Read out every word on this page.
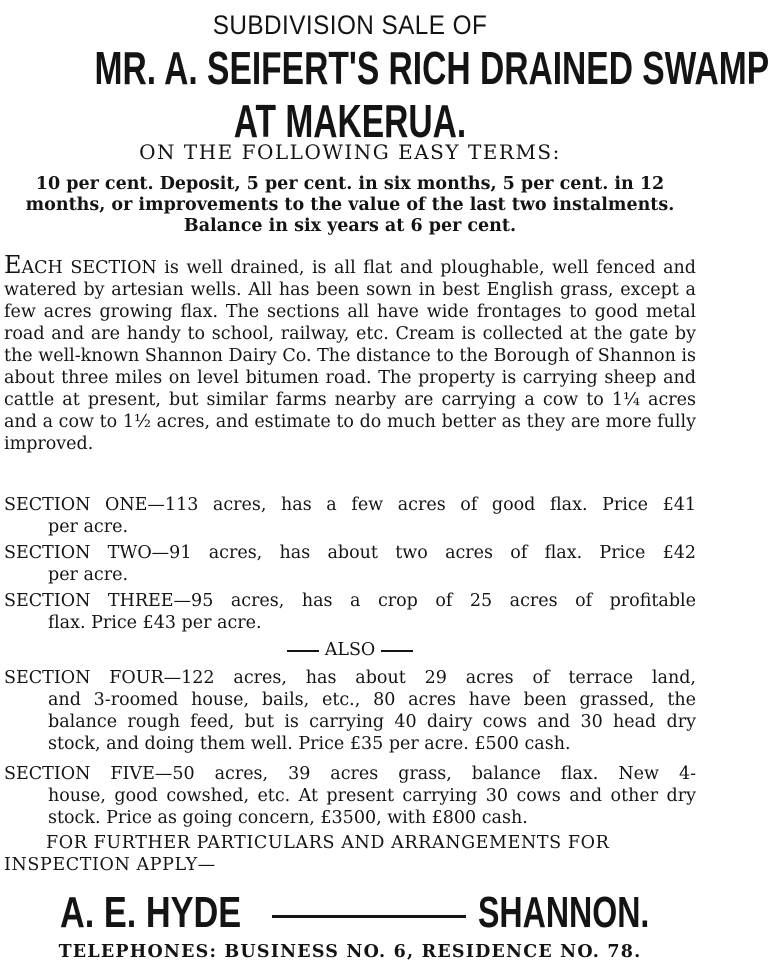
SUBDIVISION SALE OF
MR. A. SEIFERT'S RICH DRAINED SWAMP
AT MAKERUA.
ON THE FOLLOWING EASY TERMS:
10 per cent. Deposit, 5 per cent. in six months, 5 per cent. in 12
months, or improvements to the value of the last two instalments.
Balance in six years at 6 per cent.

EACH SECTION is well drained, is all flat and ploughable, well fenced and watered by artesian wells. All has been sown in best English grass, except a few acres growing flax. The sections all have wide frontages to good metal road and are handy to school, railway, etc. Cream is collected at the gate by the well-known Shannon Dairy Co. The distance to the Borough of Shannon is about three miles on level bitumen road. The property is carrying sheep and cattle at present, but similar farms nearby are carrying a cow to 1¼ acres and a cow to 1½ acres, and estimate to do much better as they are more fully improved.

SECTION ONE—113 acres, has a few acres of good flax. Price £41
per acre.
SECTION TWO—91 acres, has about two acres of flax. Price £42
per acre.
SECTION THREE—95 acres, has a crop of 25 acres of profitable
flax. Price £43 per acre.
ALSO
SECTION FOUR—122 acres, has about 29 acres of terrace land,
and 3-roomed house, bails, etc., 80 acres have been grassed, the balance rough feed, but is carrying 40 dairy cows and 30 head dry stock, and doing them well. Price £35 per acre. £500 cash.
SECTION FIVE—50 acres, 39 acres grass, balance flax. New 4-
house, good cowshed, etc. At present carrying 30 cows and other dry stock. Price as going concern, £3500, with £800 cash.
FOR FURTHER PARTICULARS AND ARRANGEMENTS FOR
INSPECTION APPLY—
A. E. HYDE	SHANNON.
TELEPHONES: BUSINESS NO. 6, RESIDENCE NO. 78.
